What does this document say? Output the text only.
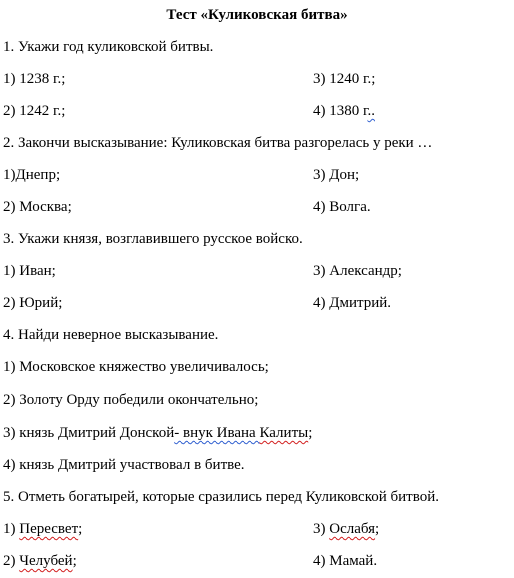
Тест «Куликовская битва»
1. Укажи год куликовской битвы.
1) 1238 г.;	3) 1240 г.;
2) 1242 г.;	4) 1380 г..
2. Закончи высказывание: Куликовская битва разгорелась у реки …
1)Днепр;	3) Дон;
2) Москва;	4) Волга.
3. Укажи князя, возглавившего русское войско.
1) Иван;	3) Александр;
2) Юрий;	4) Дмитрий.
4. Найди неверное высказывание.
1) Московское княжество увеличивалось;
2) Золоту Орду победили окончательно;
3) князь Дмитрий Донской- внук Ивана Калиты;
4) князь Дмитрий участвовал в битве.
5. Отметь богатырей, которые сразились перед Куликовской битвой.
1) Пересвет;	3) Ослабя;
2) Челубей;	4) Мамай.
